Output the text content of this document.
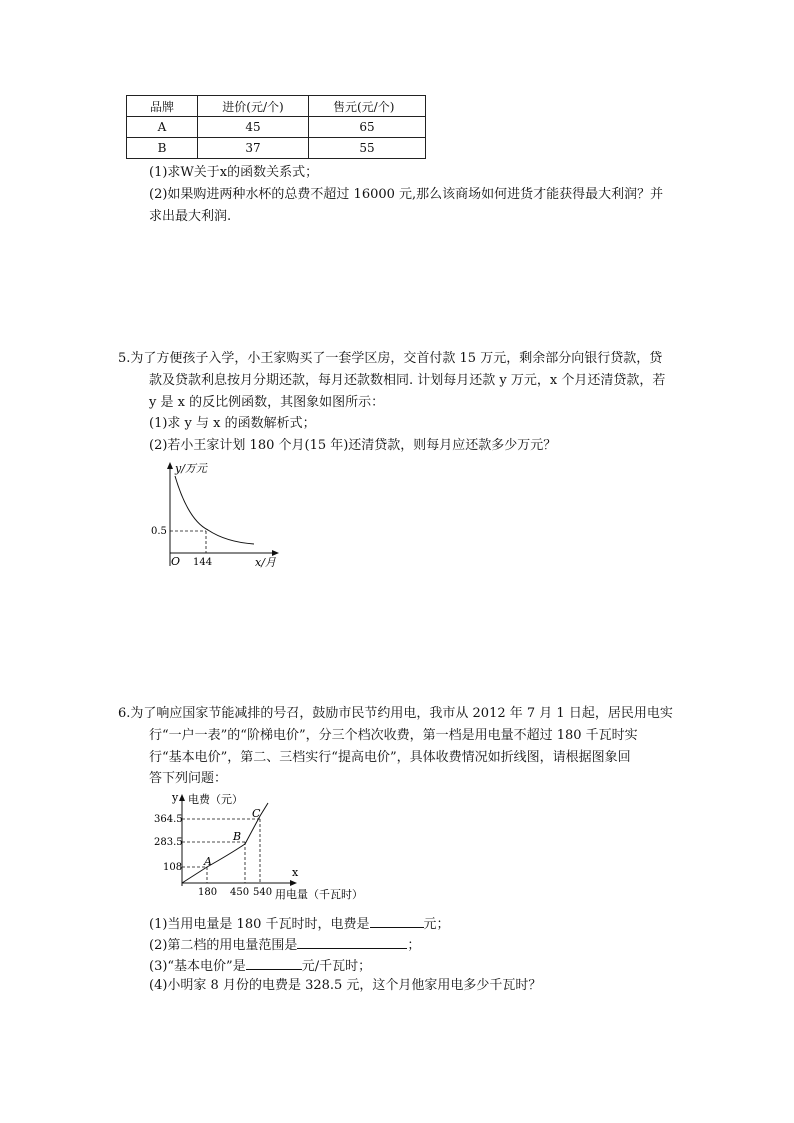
品牌	进价(元/个)	售元(元/个)
A	45	65
B	37	55
(1)求W关于x的函数关系式；
(2)如果购进两种水杯的总费不超过 16000 元,那么该商场如何进货才能获得最大利润？并
求出最大利润.
5.为了方便孩子入学，小王家购买了一套学区房，交首付款 15 万元，剩余部分向银行贷款，贷
款及贷款利息按月分期还款，每月还款数相同. 计划每月还款 y 万元，x 个月还清贷款，若
y 是 x 的反比例函数，其图象如图所示：
(1)求 y 与 x 的函数解析式；
(2)若小王家计划 180 个月(15 年)还清贷款，则每月应还款多少万元？
y/万元
x/月
O
0.5
144
6.为了响应国家节能减排的号召，鼓励市民节约用电，我市从 2012 年 7 月 1 日起，居民用电实
行“一户一表”的“阶梯电价”，分三个档次收费，第一档是用电量不超过 180 千瓦时实
行“基本电价”，第二、三档实行“提高电价”，具体收费情况如折线图，请根据图象回
答下列问题：
y 电费（元）
x
用电量（千瓦时）
364.5
283.5
108
180 450 540
A
B
C
(1)当用电量是 180 千瓦时时，电费是	元；
(2)第二档的用电量范围是	；
(3)“基本电价”是	元/千瓦时；
(4)小明家 8 月份的电费是 328.5 元，这个月他家用电多少千瓦时？
